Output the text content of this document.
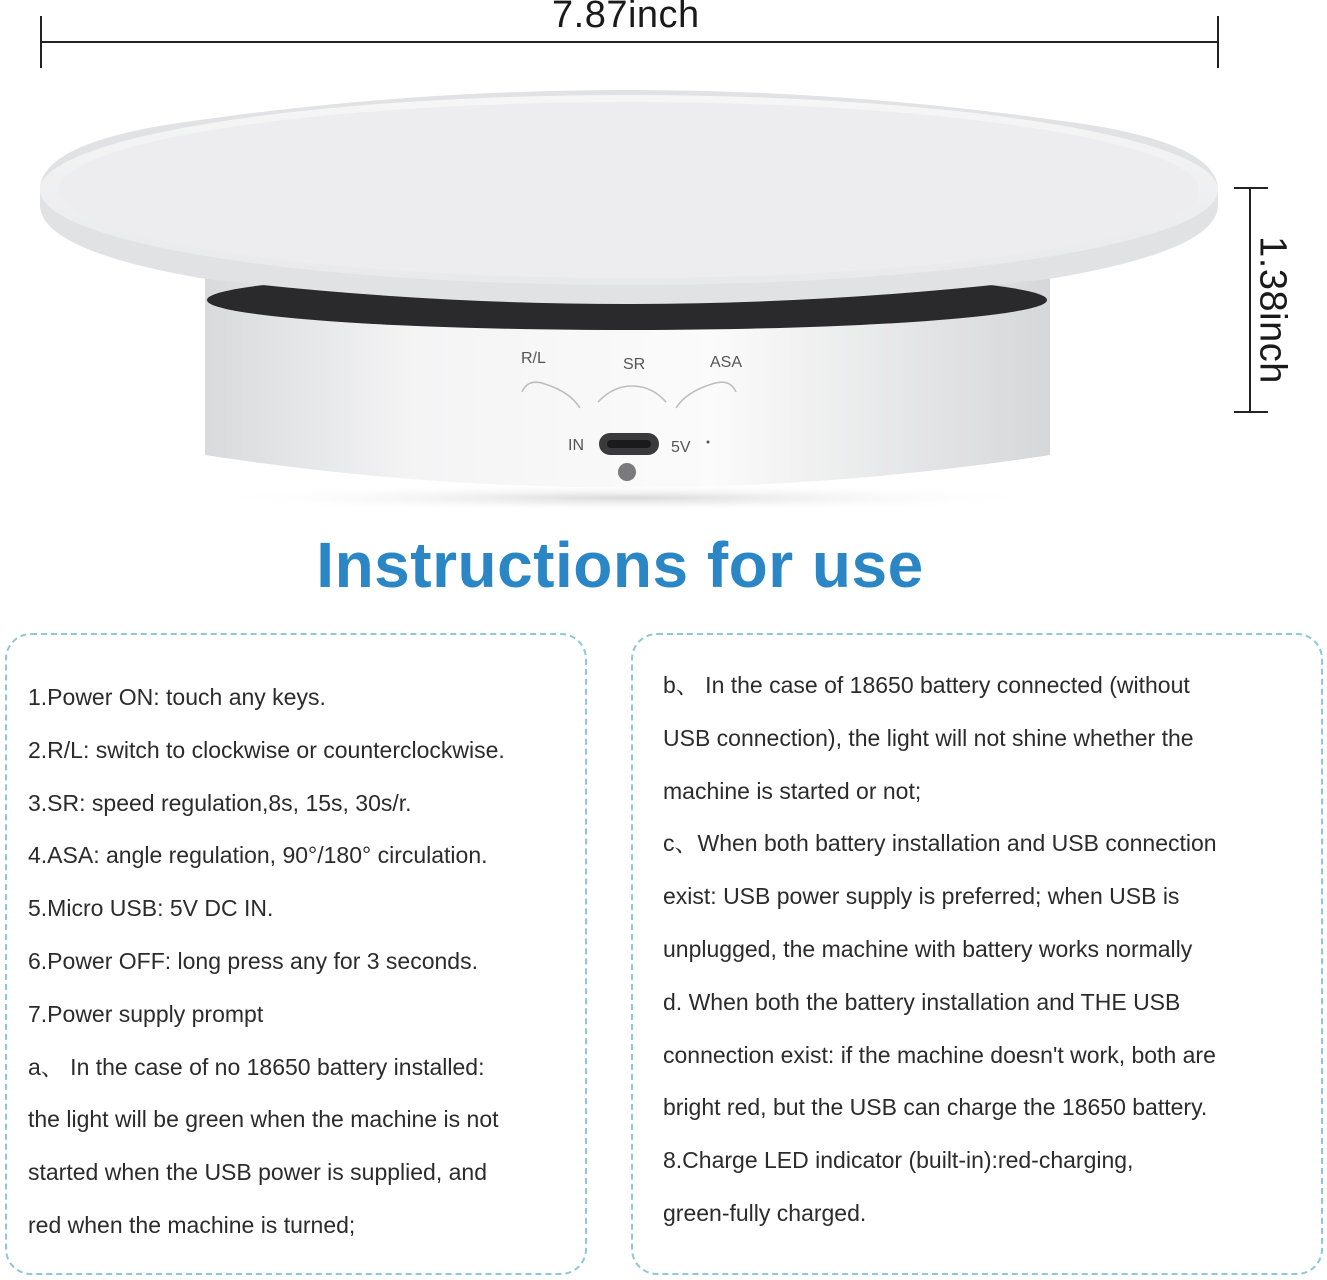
7.87inch
1.38inch
R/L	SR	ASA
IN	5V
Instructions for use
1.Power ON: touch any keys.
2.R/L: switch to clockwise or counterclockwise.
3.SR: speed regulation,8s, 15s, 30s/r.
4.ASA: angle regulation, 90°/180° circulation.
5.Micro USB: 5V DC IN.
6.Power OFF: long press any for 3 seconds.
7.Power supply prompt
a、 In the case of no 18650 battery installed:
the light will be green when the machine is not
started when the USB power is supplied, and
red when the machine is turned;
b、 In the case of 18650 battery connected (without
USB connection), the light will not shine whether the
machine is started or not;
c、When both battery installation and USB connection
exist: USB power supply is preferred; when USB is
unplugged, the machine with battery works normally
d. When both the battery installation and THE USB
connection exist: if the machine doesn't work, both are
bright red, but the USB can charge the 18650 battery.
8.Charge LED indicator (built-in):red-charging,
green-fully charged.
